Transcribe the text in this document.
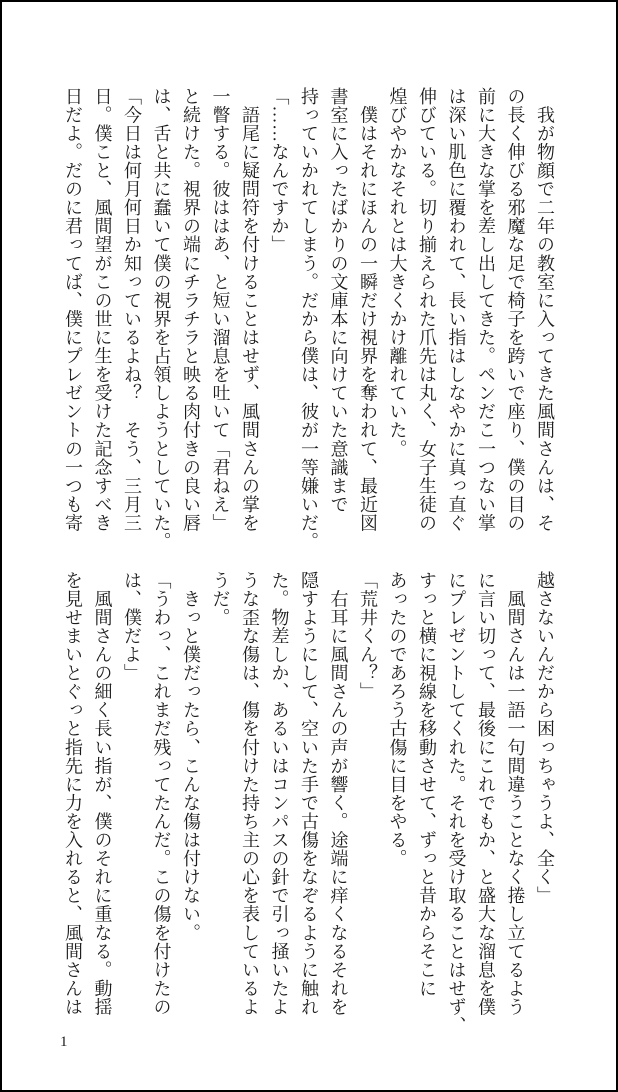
　我が物顔で二年の教室に入ってきた風間さんは、そ
の長く伸びる邪魔な足で椅子を跨いで座り、僕の目の
前に大きな掌を差し出してきた。ペンだこ一つない掌
は深い肌色に覆われて、長い指はしなやかに真っ直ぐ
伸びている。切り揃えられた爪先は丸く、女子生徒の
煌びやかなそれとは大きくかけ離れていた。
　僕はそれにほんの一瞬だけ視界を奪われて、最近図
書室に入ったばかりの文庫本に向けていた意識まで
持っていかれてしまう。だから僕は、彼が一等嫌いだ。
「……なんですか」
　語尾に疑問符を付けることはせず、風間さんの掌を
一瞥する。彼ははあ、と短い溜息を吐いて「君ねえ」
と続けた。視界の端にチラチラと映る肉付きの良い唇
は、舌と共に蠢いて僕の視界を占領しようとしていた。
「今日は何月何日か知っているよね？　そう、三月三
日。僕こと、風間望がこの世に生を受けた記念すべき
日だよ。だのに君ってば、僕にプレゼントの一つも寄
越さないんだから困っちゃうよ、全く」
　風間さんは一語一句間違うことなく捲し立てるよう
に言い切って、最後にこれでもか、と盛大な溜息を僕
にプレゼントしてくれた。それを受け取ることはせず、
すっと横に視線を移動させて、ずっと昔からそこに
あったのであろう古傷に目をやる。
「荒井くん？」
　右耳に風間さんの声が響く。途端に痒くなるそれを
隠すようにして、空いた手で古傷をなぞるように触れ
た。物差しか、あるいはコンパスの針で引っ掻いたよ
うな歪な傷は、傷を付けた持ち主の心を表しているよ
うだ。
　きっと僕だったら、こんな傷は付けない。
「うわっ、これまだ残ってたんだ。この傷を付けたの
は、僕だよ」
　風間さんの細く長い指が、僕のそれに重なる。動揺
を見せまいとぐっと指先に力を入れると、風間さんは
1
